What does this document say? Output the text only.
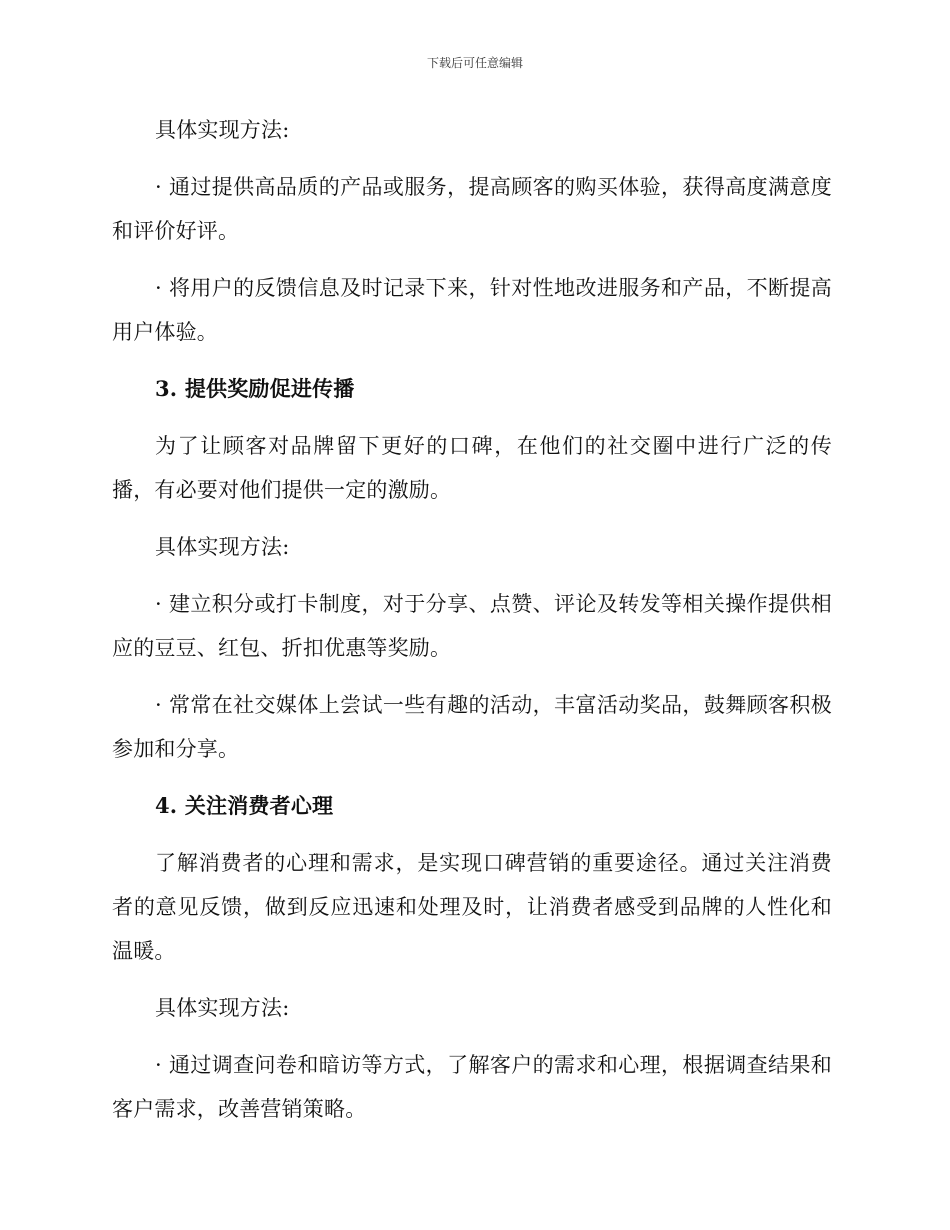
下载后可任意编辑

具体实现方法:

· 通过提供高品质的产品或服务，提高顾客的购买体验，获得高度满意度和评价好评。

· 将用户的反馈信息及时记录下来，针对性地改进服务和产品，不断提高用户体验。

3. 提供奖励促进传播

为了让顾客对品牌留下更好的口碑，在他们的社交圈中进行广泛的传播，有必要对他们提供一定的激励。

具体实现方法:

· 建立积分或打卡制度，对于分享、点赞、评论及转发等相关操作提供相应的豆豆、红包、折扣优惠等奖励。

· 常常在社交媒体上尝试一些有趣的活动，丰富活动奖品，鼓舞顾客积极参加和分享。

4. 关注消费者心理

了解消费者的心理和需求，是实现口碑营销的重要途径。通过关注消费者的意见反馈，做到反应迅速和处理及时，让消费者感受到品牌的人性化和温暖。

具体实现方法:

· 通过调查问卷和暗访等方式，了解客户的需求和心理，根据调查结果和客户需求，改善营销策略。
